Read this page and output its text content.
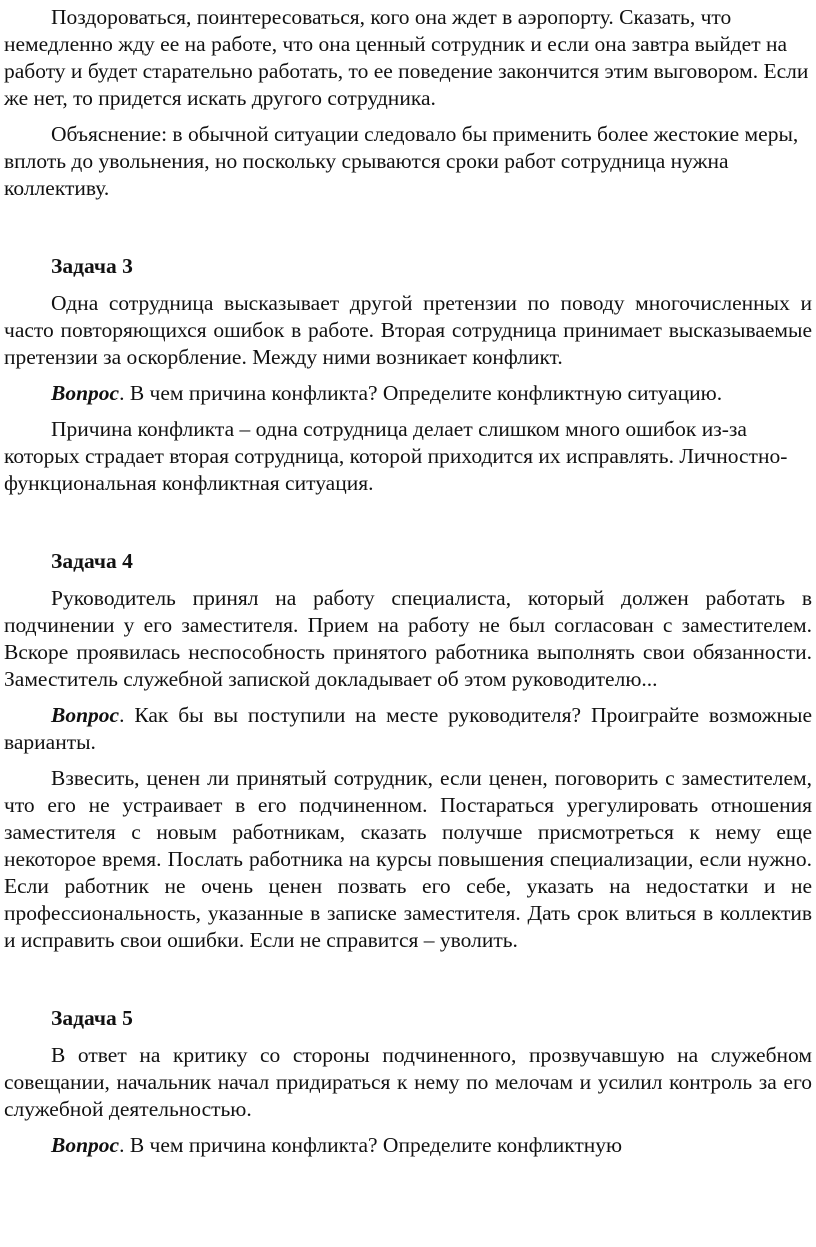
Поздороваться, поинтересоваться, кого она ждет в аэропорту. Сказать, что немедленно жду ее на работе, что она ценный сотрудник и если она завтра выйдет на работу и будет старательно работать, то ее поведение закончится этим выговором. Если же нет, то придется искать другого сотрудника.

Объяснение: в обычной ситуации следовало бы применить более жестокие меры, вплоть до увольнения, но поскольку срываются сроки работ сотрудница нужна коллективу.

Задача 3

Одна сотрудница высказывает другой претензии по поводу многочисленных и часто повторяющихся ошибок в работе. Вторая сотрудница принимает высказываемые претензии за оскорбление. Между ними возникает конфликт.

Вопрос. В чем причина конфликта? Определите конфликтную ситуацию.

Причина конфликта – одна сотрудница делает слишком много ошибок из-за которых страдает вторая сотрудница, которой приходится их исправлять. Личностно-функциональная конфликтная ситуация.

Задача 4

Руководитель принял на работу специалиста, который должен работать в подчинении у его заместителя. Прием на работу не был согласован с заместителем. Вскоре проявилась неспособность принятого работника выполнять свои обязанности. Заместитель служебной запиской докладывает об этом руководителю...

Вопрос. Как бы вы поступили на месте руководителя? Проиграйте возможные варианты.

Взвесить, ценен ли принятый сотрудник, если ценен, поговорить с заместителем, что его не устраивает в его подчиненном. Постараться урегулировать отношения заместителя с новым работникам, сказать получше присмотреться к нему еще некоторое время. Послать работника на курсы повышения специализации, если нужно. Если работник не очень ценен позвать его себе, указать на недостатки и не профессиональность, указанные в записке заместителя. Дать срок влиться в коллектив и исправить свои ошибки. Если не справится – уволить.

Задача 5

В ответ на критику со стороны подчиненного, прозвучавшую на служебном совещании, начальник начал придираться к нему по мелочам и усилил контроль за его служебной деятельностью.

Вопрос. В чем причина конфликта? Определите конфликтную
